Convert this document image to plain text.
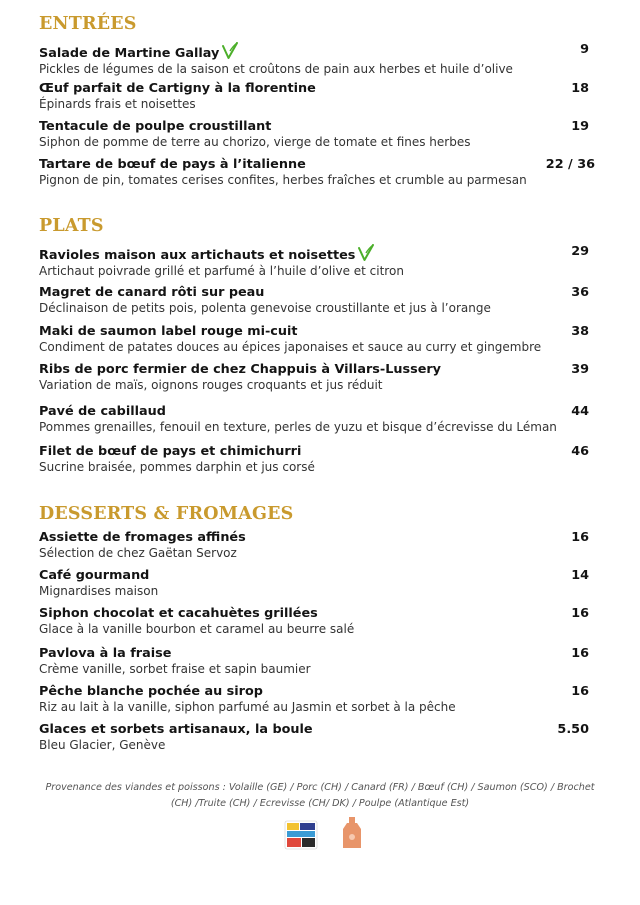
ENTRÉES
Salade de Martine Gallay
Pickles de légumes de la saison et croûtons de pain aux herbes et huile d’olive
9
Œuf parfait de Cartigny à la florentine
Épinards frais et noisettes
18
Tentacule de poulpe croustillant
Siphon de pomme de terre au chorizo, vierge de tomate et fines herbes
19
Tartare de bœuf de pays à l’italienne
Pignon de pin, tomates cerises confites, herbes fraîches et crumble au parmesan
22 / 36
PLATS
Ravioles maison aux artichauts et noisettes
Artichaut poivrade grillé et parfumé à l’huile d’olive et citron
29
Magret de canard rôti sur peau
Déclinaison de petits pois, polenta genevoise croustillante et jus à l’orange
36
Maki de saumon label rouge mi-cuit
Condiment de patates douces au épices japonaises et sauce au curry et gingembre
38
Ribs de porc fermier de chez Chappuis à Villars-Lussery
Variation de maïs, oignons rouges croquants et jus réduit
39
Pavé de cabillaud
Pommes grenailles, fenouil en texture, perles de yuzu et bisque d’écrevisse du Léman
44
Filet de bœuf de pays et chimichurri
Sucrine braisée, pommes darphin et jus corsé
46
DESSERTS & FROMAGES
Assiette de fromages affinés
Sélection de chez Gaëtan Servoz
16
Café gourmand
Mignardises maison
14
Siphon chocolat et cacahuètes grillées
Glace à la vanille bourbon et caramel au beurre salé
16
Pavlova à la fraise
Crème vanille, sorbet fraise et sapin baumier
16
Pêche blanche pochée au sirop
Riz au lait à la vanille, siphon parfumé au Jasmin et sorbet à la pêche
16
Glaces et sorbets artisanaux, la boule
Bleu Glacier, Genève
5.50
Provenance des viandes et poissons : Volaille (GE) / Porc (CH) / Canard (FR) / Bœuf (CH) / Saumon (SCO) / Brochet
(CH) /Truite (CH) / Ecrevisse (CH/ DK) / Poulpe (Atlantique Est)
